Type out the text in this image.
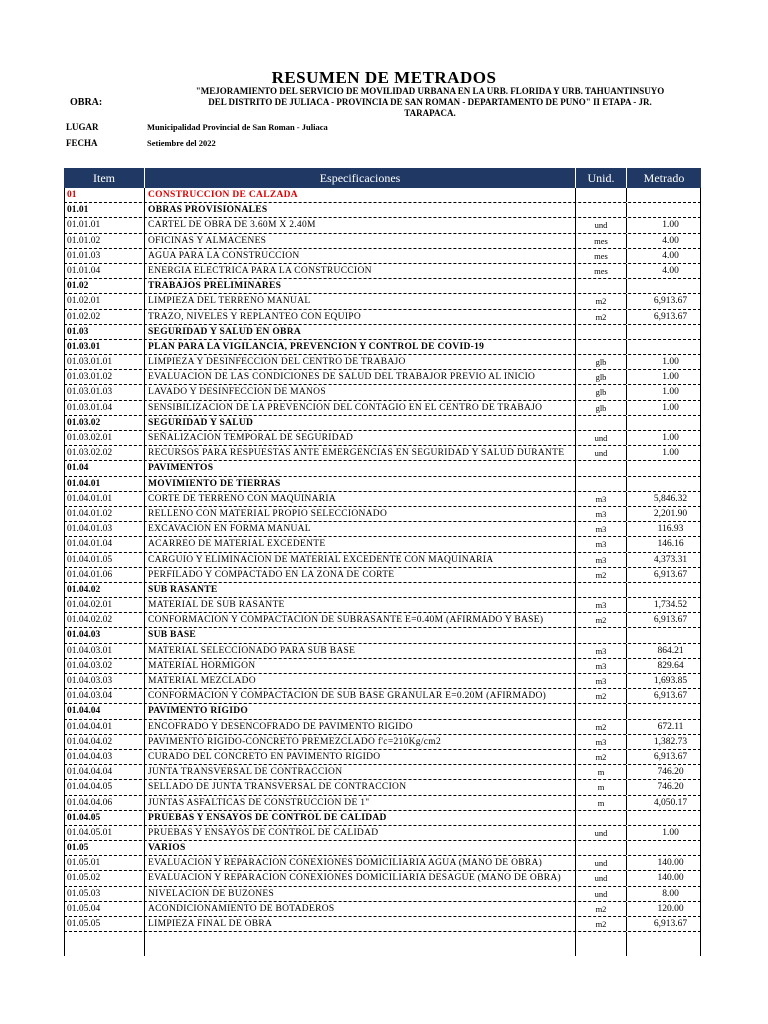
RESUMEN DE METRADOS
OBRA:
"MEJORAMIENTO DEL SERVICIO DE MOVILIDAD URBANA EN LA URB. FLORIDA Y URB. TAHUANTINSUYO
DEL DISTRITO DE JULIACA - PROVINCIA DE SAN ROMAN - DEPARTAMENTO DE PUNO" II ETAPA - JR.
TARAPACA.
LUGAR	Municipalidad Provincial de San Roman - Juliaca
FECHA	Setiembre del 2022
Item	Especificaciones	Unid.	Metrado
01	CONSTRUCCION DE CALZADA
01.01	OBRAS PROVISIONALES
01.01.01	CARTEL DE OBRA DE 3.60M X 2.40M	und	1.00
01.01.02	OFICINAS Y ALMACENES	mes	4.00
01.01.03	AGUA PARA LA CONSTRUCCION	mes	4.00
01.01.04	ENERGIA ELECTRICA PARA LA CONSTRUCCION	mes	4.00
01.02	TRABAJOS PRELIMINARES
01.02.01	LIMPIEZA DEL TERRENO MANUAL	m2	6,913.67
01.02.02	TRAZO, NIVELES Y REPLANTEO CON EQUIPO	m2	6,913.67
01.03	SEGURIDAD Y SALUD EN OBRA
01.03.01	PLAN PARA LA VIGILANCIA, PREVENCION Y CONTROL DE COVID-19
01.03.01.01	LIMPIEZA Y DESINFECCION DEL CENTRO DE TRABAJO	glb	1.00
01.03.01.02	EVALUACION DE LAS CONDICIONES DE SALUD DEL TRABAJOR PREVIO AL INICIO	glb	1.00
01.03.01.03	LAVADO Y DESINFECCION DE MANOS	glb	1.00
01.03.01.04	SENSIBILIZACION DE LA PREVENCION DEL CONTAGIO EN EL CENTRO DE TRABAJO	glb	1.00
01.03.02	SEGURIDAD Y SALUD
01.03.02.01	SEÑALIZACION TEMPORAL DE SEGURIDAD	und	1.00
01.03.02.02	RECURSOS PARA RESPUESTAS ANTE EMERGENCIAS EN SEGURIDAD Y SALUD DURANTE	und	1.00
01.04	PAVIMENTOS
01.04.01	MOVIMIENTO DE TIERRAS
01.04.01.01	CORTE DE TERRENO CON MAQUINARIA	m3	5,846.32
01.04.01.02	RELLENO CON MATERIAL PROPIO SELECCIONADO	m3	2,201.90
01.04.01.03	EXCAVACION EN FORMA MANUAL	m3	116.93
01.04.01.04	ACARREO DE MATERIAL EXCEDENTE	m3	146.16
01.04.01.05	CARGUIO Y ELIMINACION DE MATERIAL EXCEDENTE CON MAQUINARIA	m3	4,373.31
01.04.01.06	PERFILADO Y COMPACTADO EN LA ZONA DE CORTE	m2	6,913.67
01.04.02	SUB RASANTE
01.04.02.01	MATERIAL DE SUB RASANTE	m3	1,734.52
01.04.02.02	CONFORMACION Y COMPACTACION DE SUBRASANTE E=0.40M (AFIRMADO Y BASE)	m2	6,913.67
01.04.03	SUB BASE
01.04.03.01	MATERIAL SELECCIONADO PARA SUB BASE	m3	864.21
01.04.03.02	MATERIAL HORMIGON	m3	829.64
01.04.03.03	MATERIAL MEZCLADO	m3	1,693.85
01.04.03.04	CONFORMACION Y COMPACTACION DE SUB BASE GRANULAR E=0.20M (AFIRMADO)	m2	6,913.67
01.04.04	PAVIMENTO RIGIDO
01.04.04.01	ENCOFRADO Y DESENCOFRADO DE PAVIMENTO RIGIDO	m2	672.11
01.04.04.02	PAVIMENTO RIGIDO-CONCRETO PREMEZCLADO f'c=210Kg/cm2	m3	1,382.73
01.04.04.03	CURADO DEL CONCRETO EN PAVIMENTO RIGIDO	m2	6,913.67
01.04.04.04	JUNTA TRANSVERSAL DE CONTRACCION	m	746.20
01.04.04.05	SELLADO DE JUNTA TRANSVERSAL DE CONTRACCION	m	746.20
01.04.04.06	JUNTAS ASFALTICAS DE CONSTRUCCION DE 1"	m	4,050.17
01.04.05	PRUEBAS Y ENSAYOS DE CONTROL DE CALIDAD
01.04.05.01	PRUEBAS Y ENSAYOS DE CONTROL DE CALIDAD	und	1.00
01.05	VARIOS
01.05.01	EVALUACION Y REPARACION CONEXIONES DOMICILIARIA AGUA (MANO DE OBRA)	und	140.00
01.05.02	EVALUACION Y REPARACION CONEXIONES DOMICILIARIA DESAGUE (MANO DE OBRA)	und	140.00
01.05.03	NIVELACION DE BUZONES	und	8.00
01.05.04	ACONDICIONAMIENTO DE BOTADEROS	m2	120.00
01.05.05	LIMPIEZA FINAL DE OBRA	m2	6,913.67
